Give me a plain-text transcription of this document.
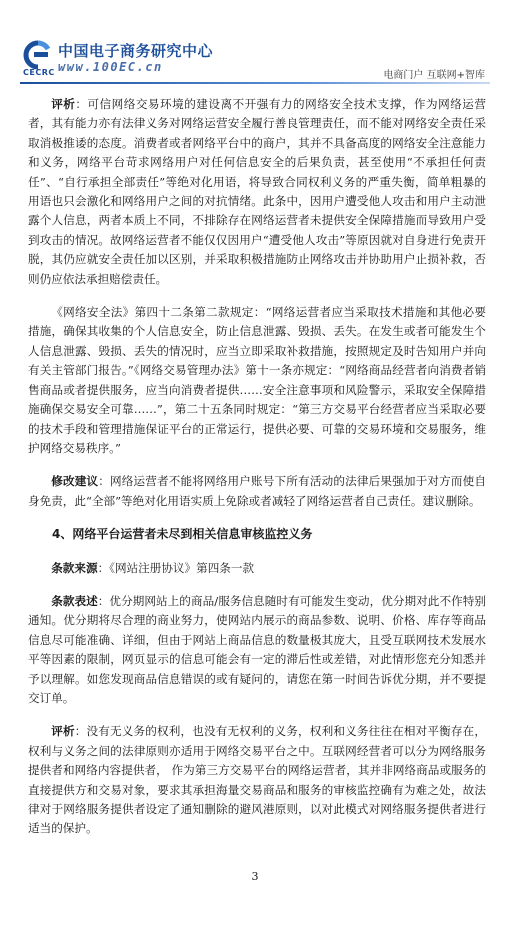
CECRC
中国电子商务研究中心
www.100EC.cn
电商门户 互联网+智库

评析：可信网络交易环境的建设离不开强有力的网络安全技术支撑，作为网络运营者，其有能力亦有法律义务对网络运营安全履行善良管理责任，而不能对网络安全责任采取消极推诿的态度。消费者或者网络平台中的商户，其并不具备高度的网络安全注意能力和义务，网络平台苛求网络用户对任何信息安全的后果负责，甚至使用“不承担任何责任”、“自行承担全部责任”等绝对化用语，将导致合同权利义务的严重失衡，简单粗暴的用语也只会激化和网络用户之间的对抗情绪。此条中，因用户遭受他人攻击和用户主动泄露个人信息，两者本质上不同，不排除存在网络运营者未提供安全保障措施而导致用户受到攻击的情况。故网络运营者不能仅仅因用户“遭受他人攻击”等原因就对自身进行免责开脱，其仍应就安全责任加以区别，并采取积极措施防止网络攻击并协助用户止损补救，否则仍应依法承担赔偿责任。

《网络安全法》第四十二条第二款规定：“网络运营者应当采取技术措施和其他必要措施，确保其收集的个人信息安全，防止信息泄露、毁损、丢失。在发生或者可能发生个人信息泄露、毁损、丢失的情况时，应当立即采取补救措施，按照规定及时告知用户并向有关主管部门报告。”《网络交易管理办法》第十一条亦规定：“网络商品经营者向消费者销售商品或者提供服务，应当向消费者提供……安全注意事项和风险警示，采取安全保障措施确保交易安全可靠……”，第二十五条同时规定：“第三方交易平台经营者应当采取必要的技术手段和管理措施保证平台的正常运行，提供必要、可靠的交易环境和交易服务，维护网络交易秩序。”

修改建议：网络运营者不能将网络用户账号下所有活动的法律后果强加于对方而使自身免责，此“全部”等绝对化用语实质上免除或者减轻了网络运营者自己责任。建议删除。

4、网络平台运营者未尽到相关信息审核监控义务

条款来源：《网站注册协议》第四条一款

条款表述：优分期网站上的商品/服务信息随时有可能发生变动，优分期对此不作特别通知。优分期将尽合理的商业努力，使网站内展示的商品参数、说明、价格、库存等商品信息尽可能准确、详细，但由于网站上商品信息的数量极其庞大，且受互联网技术发展水平等因素的限制，网页显示的信息可能会有一定的滞后性或差错，对此情形您充分知悉并予以理解。如您发现商品信息错误的或有疑问的，请您在第一时间告诉优分期，并不要提交订单。

评析：没有无义务的权利，也没有无权利的义务，权利和义务往往在相对平衡存在，权利与义务之间的法律原则亦适用于网络交易平台之中。互联网经营者可以分为网络服务提供者和网络内容提供者， 作为第三方交易平台的网络运营者，其并非网络商品或服务的直接提供方和交易对象，要求其承担海量交易商品和服务的审核监控确有为难之处，故法律对于网络服务提供者设定了通知删除的避风港原则，以对此模式对网络服务提供者进行适当的保护。

3
